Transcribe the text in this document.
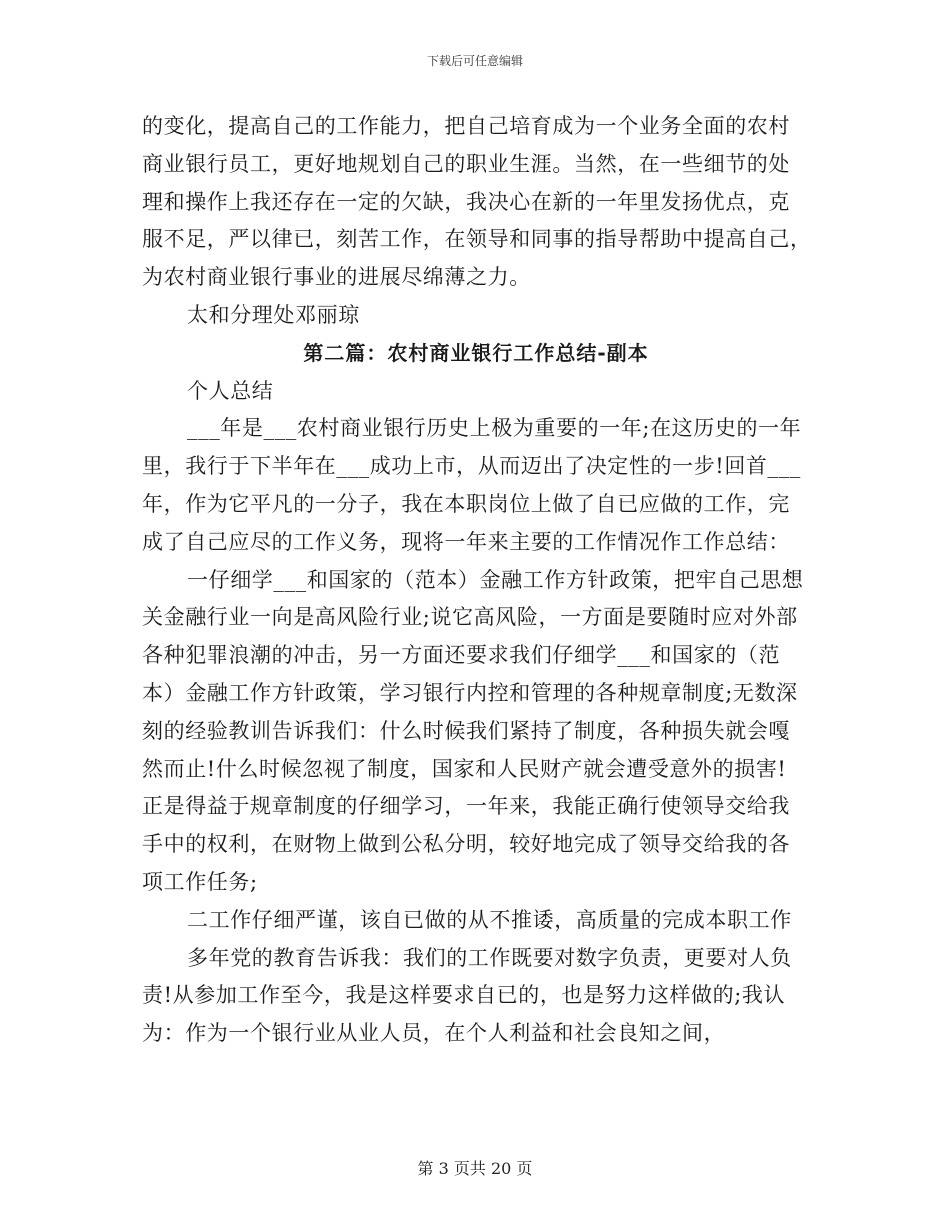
下载后可任意编辑
的变化，提高自己的工作能力，把自己培育成为一个业务全面的农村
商业银行员工，更好地规划自己的职业生涯。当然，在一些细节的处
理和操作上我还存在一定的欠缺，我决心在新的一年里发扬优点，克
服不足，严以律已，刻苦工作，在领导和同事的指导帮助中提高自己，
为农村商业银行事业的进展尽绵薄之力。
太和分理处邓丽琼
第二篇：农村商业银行工作总结-副本
个人总结
___年是___农村商业银行历史上极为重要的一年;在这历史的一年
里，我行于下半年在___成功上市，从而迈出了决定性的一步!回首___
年，作为它平凡的一分子，我在本职岗位上做了自已应做的工作，完
成了自己应尽的工作义务，现将一年来主要的工作情况作工作总结：
一仔细学___和国家的（范本）金融工作方针政策，把牢自己思想
关金融行业一向是高风险行业;说它高风险，一方面是要随时应对外部
各种犯罪浪潮的冲击，另一方面还要求我们仔细学___和国家的（范
本）金融工作方针政策，学习银行内控和管理的各种规章制度;无数深
刻的经验教训告诉我们：什么时候我们紧持了制度，各种损失就会嘎
然而止!什么时候忽视了制度，国家和人民财产就会遭受意外的损害!
正是得益于规章制度的仔细学习，一年来，我能正确行使领导交给我
手中的权利，在财物上做到公私分明，较好地完成了领导交给我的各
项工作任务;
二工作仔细严谨，该自已做的从不推诿，高质量的完成本职工作
多年党的教育告诉我：我们的工作既要对数字负责，更要对人负
责!从参加工作至今，我是这样要求自已的，也是努力这样做的;我认
为：作为一个银行业从业人员，在个人利益和社会良知之间，
第 3 页共 20 页
